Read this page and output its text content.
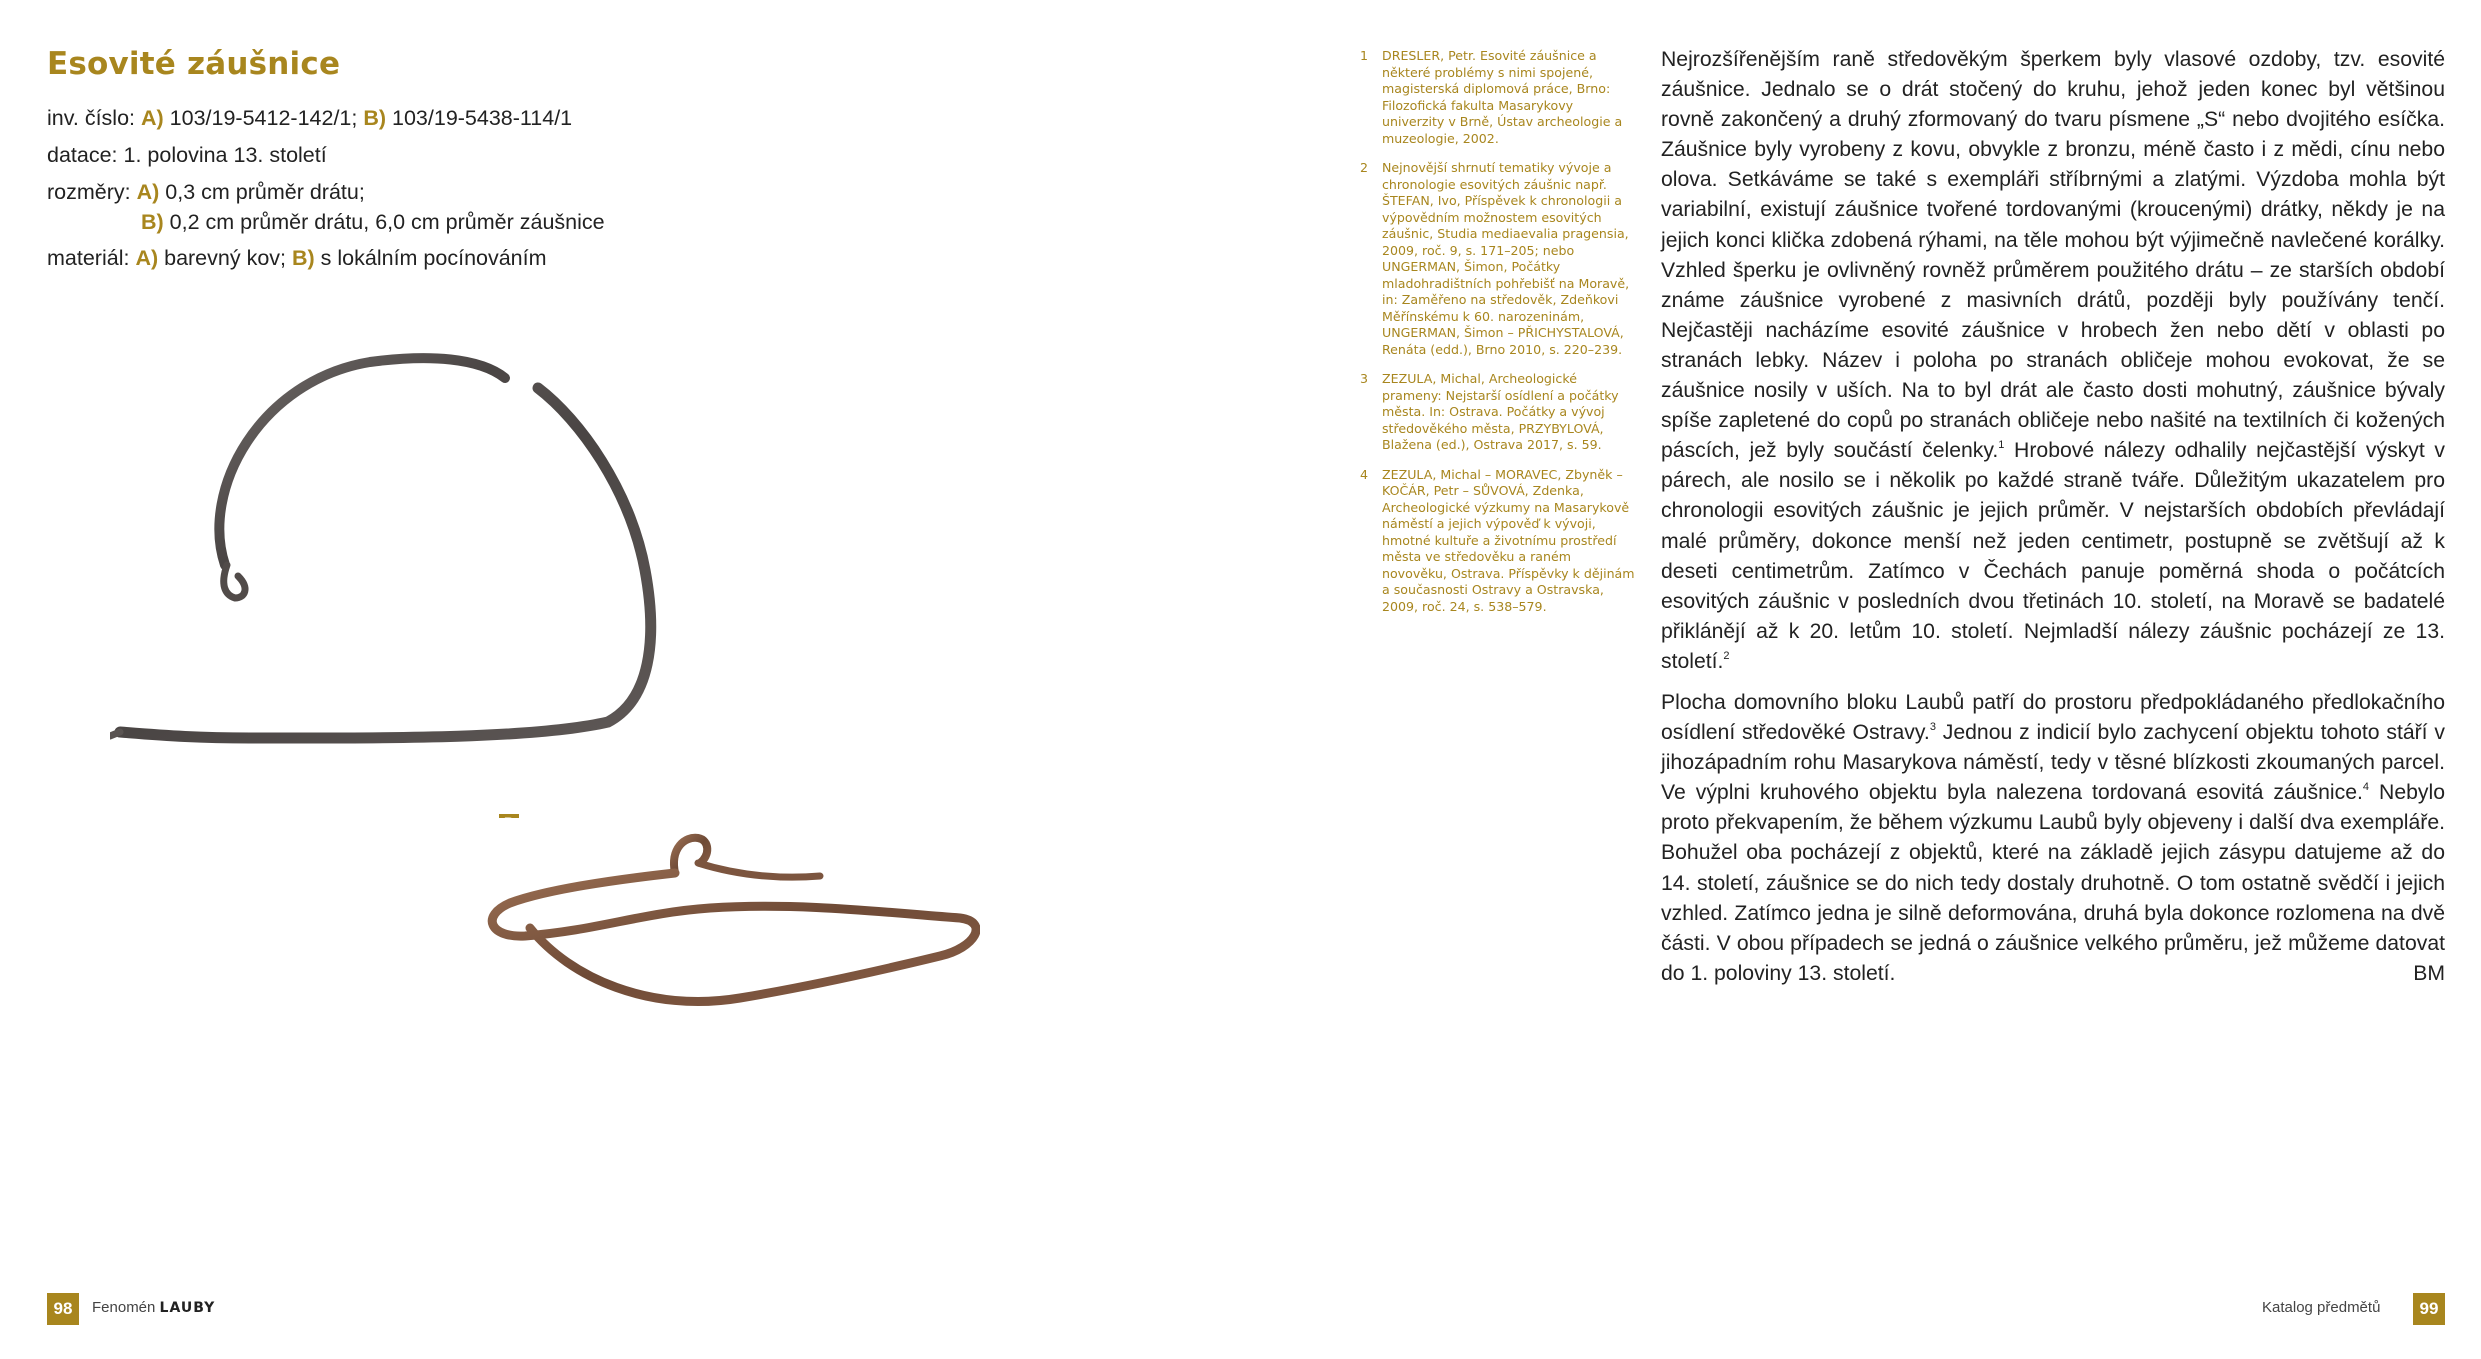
Esovité záušnice
inv. číslo: A) 103/19-5412-142/1; B) 103/19-5438-114/1
datace: 1. polovina 13. století
rozměry: A) 0,3 cm průměr drátu;
B) 0,2 cm průměr drátu, 6,0 cm průměr záušnice
materiál: A) barevný kov; B) s lokálním pocínováním
1 DRESLER, Petr. Esovité záušnice a některé problémy s nimi spojené, magisterská diplomová práce, Brno: Filozofická fakulta Masarykovy univerzity v Brně, Ústav archeologie a muzeologie, 2002.
2 Nejnovější shrnutí tematiky vývoje a chronologie esovitých záušnic např. ŠTEFAN, Ivo, Příspěvek k chronologii a výpovědním možnostem esovitých záušnic, Studia mediaevalia pragensia, 2009, roč. 9, s. 171–205; nebo UNGERMAN, Šimon, Počátky mladohradištních pohřebišť na Moravě, in: Zaměřeno na středověk, Zdeňkovi Měřínskému k 60. narozeninám, UNGERMAN, Šimon – PŘICHYSTALOVÁ, Renáta (edd.), Brno 2010, s. 220–239.
3 ZEZULA, Michal, Archeologické prameny: Nejstarší osídlení a počátky města. In: Ostrava. Počátky a vývoj středověkého města, PRZYBYLOVÁ, Blažena (ed.), Ostrava 2017, s. 59.
4 ZEZULA, Michal – MORAVEC, Zbyněk – KOČÁR, Petr – SŮVOVÁ, Zdenka, Archeologické výzkumy na Masarykově náměstí a jejich výpověď k vývoji, hmotné kultuře a životnímu prostředí města ve středověku a raném novověku, Ostrava. Příspěvky k dějinám a současnosti Ostravy a Ostravska, 2009, roč. 24, s. 538–579.

Nejrozšířenějším raně středověkým šperkem byly vlasové ozdoby, tzv. esovité záušnice. Jednalo se o drát stočený do kruhu, jehož jeden konec byl většinou rovně zakončený a druhý zformovaný do tvaru písmene „S“ nebo dvojitého esíčka. Záušnice byly vyrobeny z kovu, obvykle z bronzu, méně často i z mědi, cínu nebo olova. Setkáváme se také s exempláři stříbrnými a zlatými. Výzdoba mohla být variabilní, existují záušnice tvořené tordovanými (kroucenými) drátky, někdy je na jejich konci klička zdobená rýhami, na těle mohou být výjimečně navlečené korálky. Vzhled šperku je ovlivněný rovněž průměrem použitého drátu – ze starších období známe záušnice vyrobené z masivních drátů, později byly používány tenčí. Nejčastěji nacházíme esovité záušnice v hrobech žen nebo dětí v oblasti po stranách lebky. Název i poloha po stranách obličeje mohou evokovat, že se záušnice nosily v uších. Na to byl drát ale často dosti mohutný, záušnice bývaly spíše zapletené do copů po stranách obličeje nebo našité na textilních či kožených páscích, jež byly součástí čelenky.$^1$ Hrobové nálezy odhalily nejčastější výskyt v párech, ale nosilo se i několik po každé straně tváře. Důležitým ukazatelem pro chronologii esovitých záušnic je jejich průměr. V nejstarších obdobích převládají malé průměry, dokonce menší než jeden centimetr, postupně se zvětšují až k deseti centimetrům. Zatímco v Čechách panuje poměrná shoda o počátcích esovitých záušnic v posledních dvou třetinách 10. století, na Moravě se badatelé přiklánějí až k 20. letům 10. století. Nejmladší nálezy záušnic pocházejí ze 13. století.$^2$

Plocha domovního bloku Laubů patří do prostoru předpokládaného předlokačního osídlení středověké Ostravy.$^3$ Jednou z indicií bylo zachycení objektu tohoto stáří v jihozápadním rohu Masarykova náměstí, tedy v těsné blízkosti zkoumaných parcel. Ve výplni kruhového objektu byla nalezena tordovaná esovitá záušnice.$^4$ Nebylo proto překvapením, že během výzkumu Laubů byly objeveny i další dva exempláře. Bohužel oba pocházejí z objektů, které na základě jejich zásypu datujeme až do 14. století, záušnice se do nich tedy dostaly druhotně. O tom ostatně svědčí i jejich vzhled. Zatímco jedna je silně deformována, druhá byla dokonce rozlomena na dvě části. V obou případech se jedná o záušnice velkého průměru, jež můžeme datovat do 1. poloviny 13. století.	BM

98	Fenomén LAUBY	Katalog předmětů	99
